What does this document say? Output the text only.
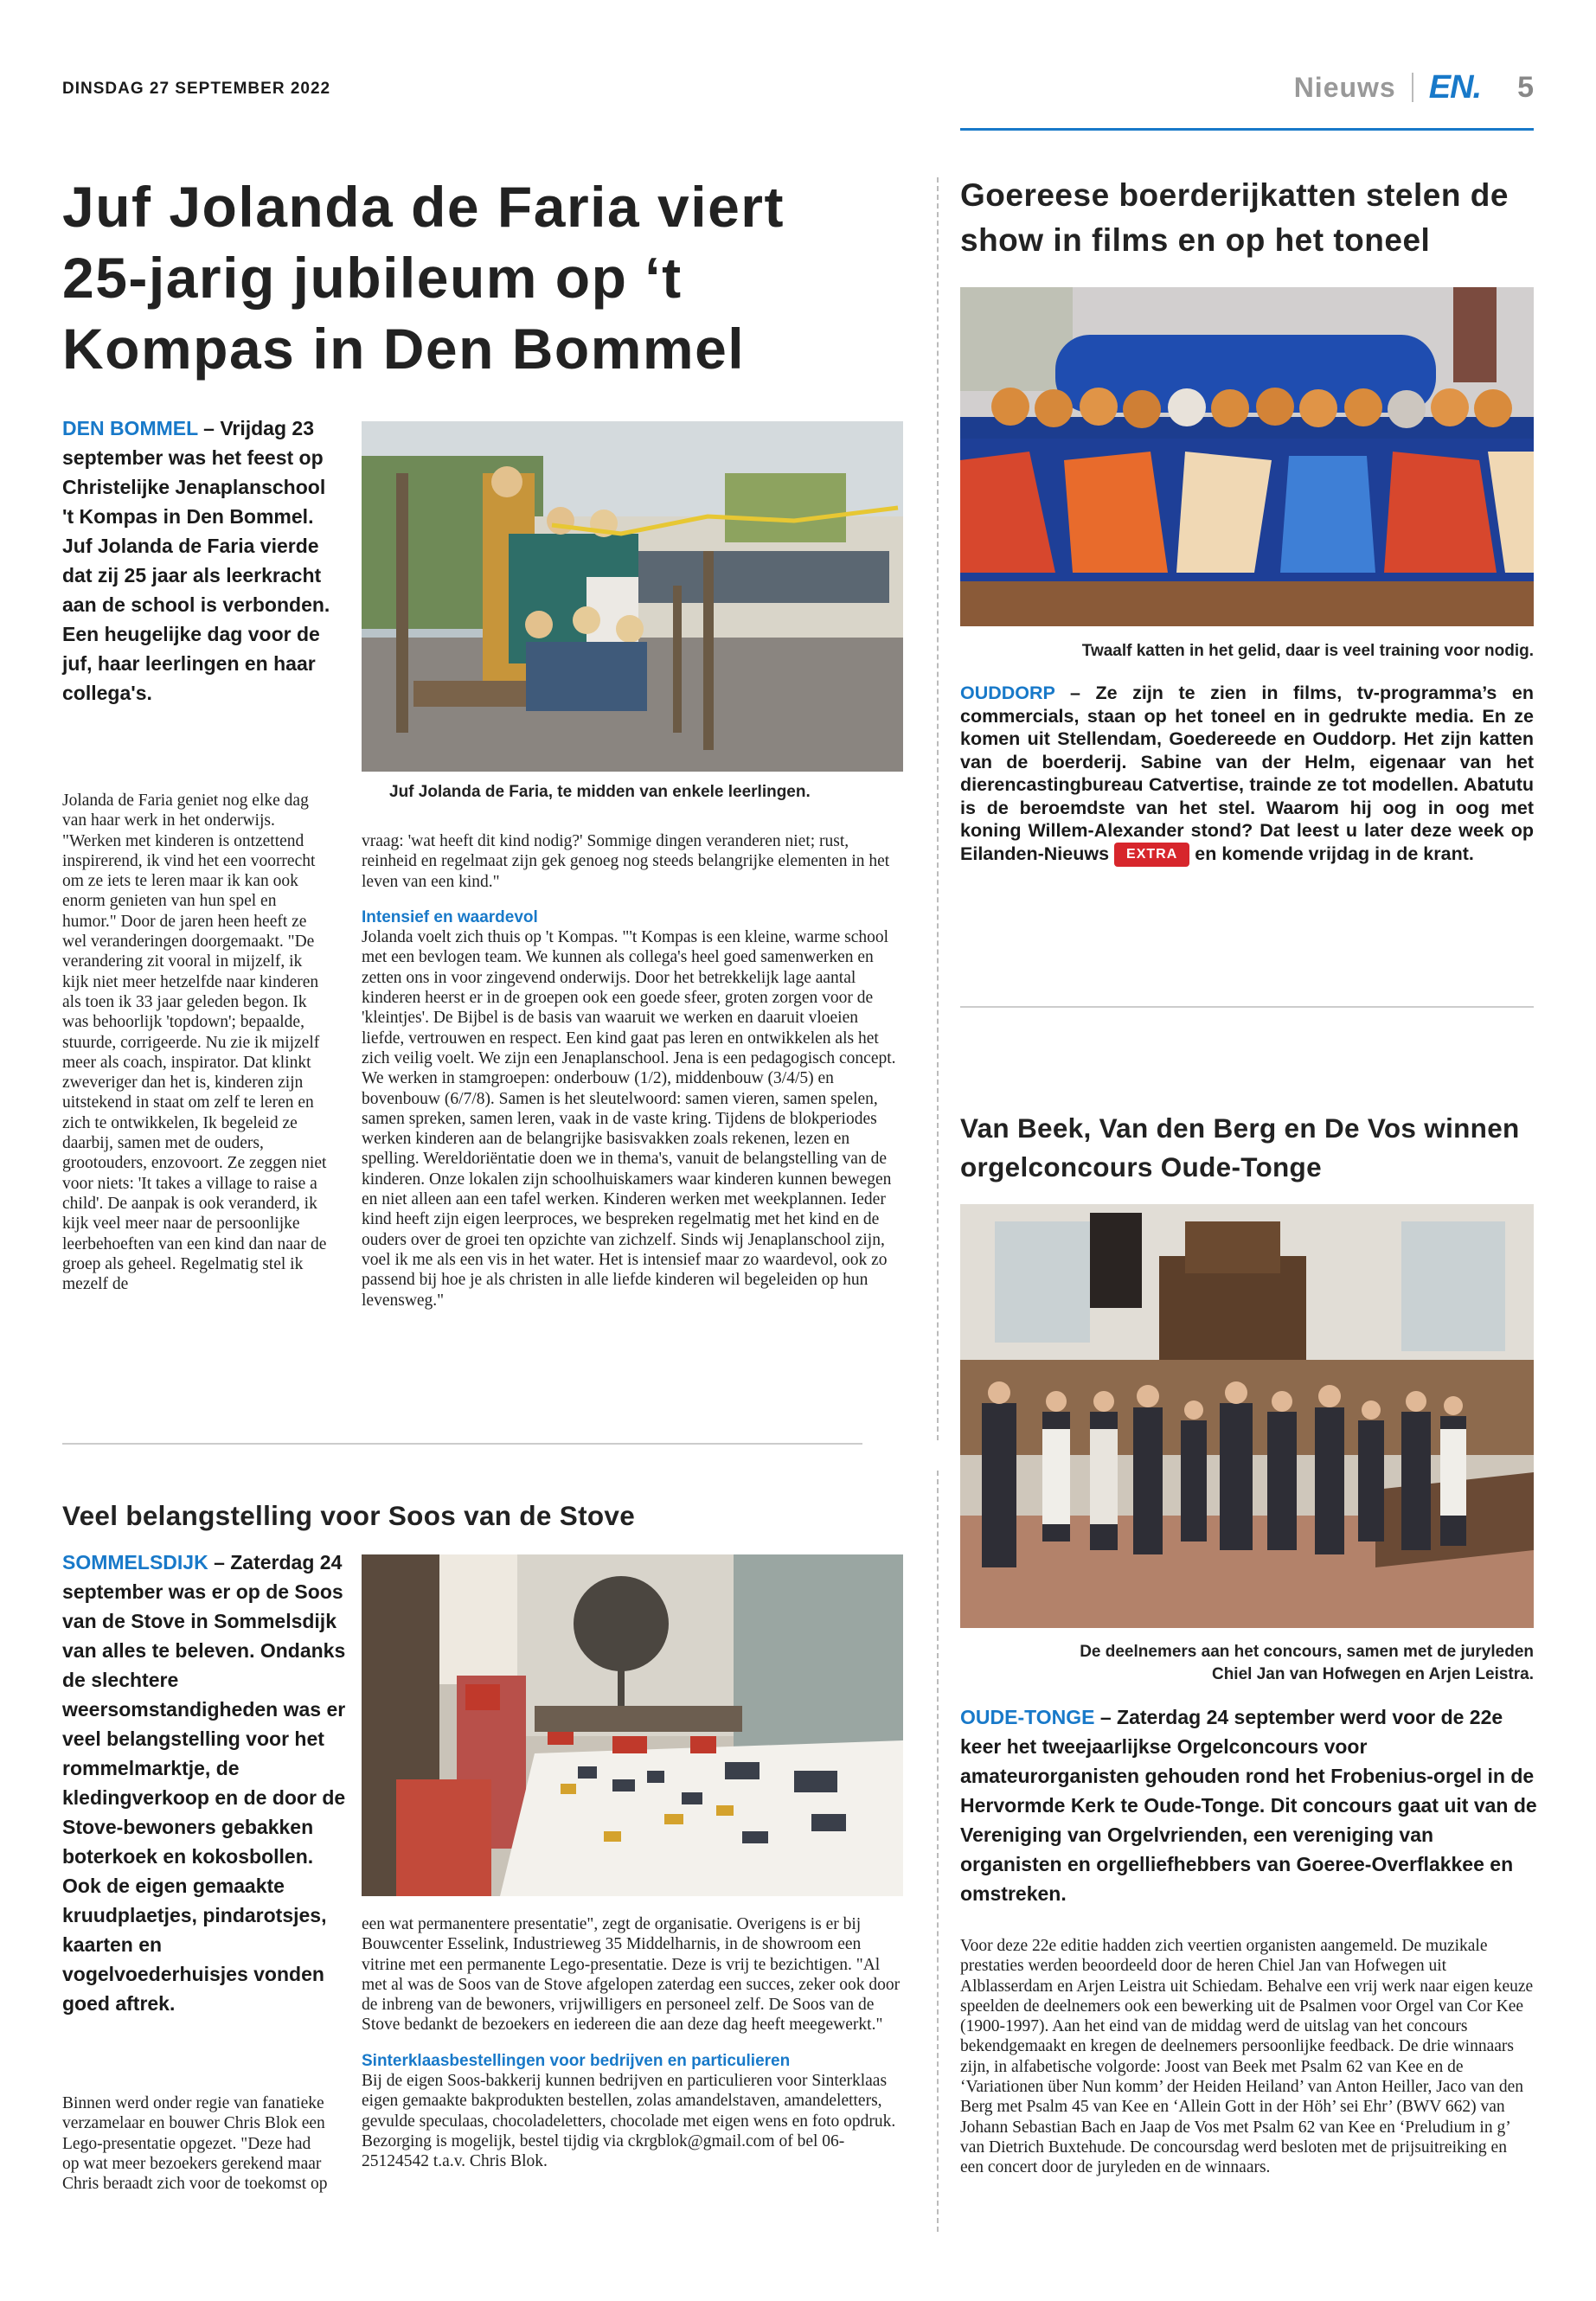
DINSDAG 27 SEPTEMBER 2022	Nieuws EN. 5
Juf Jolanda de Faria viert 25-jarig jubileum op ‘t Kompas in Den Bommel
DEN BOMMEL – Vrijdag 23 september was het feest op Christelijke Jenaplanschool 't Kompas in Den Bommel. Juf Jolanda de Faria vierde dat zij 25 jaar als leerkracht aan de school is verbonden. Een heugelijke dag voor de juf, haar leerlingen en haar collega's.
Juf Jolanda de Faria, te midden van enkele leerlingen.
Jolanda de Faria geniet nog elke dag van haar werk in het onderwijs. "Werken met kinderen is ontzettend inspirerend, ik vind het een voorrecht om ze iets te leren maar ik kan ook enorm genieten van hun spel en humor." Door de jaren heen heeft ze wel veranderingen doorgemaakt. "De verandering zit vooral in mijzelf, ik kijk niet meer hetzelfde naar kinderen als toen ik 33 jaar geleden begon. Ik was behoorlijk 'topdown'; bepaalde, stuurde, corrigeerde. Nu zie ik mijzelf meer als coach, inspirator. Dat klinkt zweveriger dan het is, kinderen zijn uitstekend in staat om zelf te leren en zich te ontwikkelen, Ik begeleid ze daarbij, samen met de ouders, grootouders, enzovoort. Ze zeggen niet voor niets: 'It takes a village to raise a child'. De aanpak is ook veranderd, ik kijk veel meer naar de persoonlijke leerbehoeften van een kind dan naar de groep als geheel. Regelmatig stel ik mezelf de
vraag: 'wat heeft dit kind nodig?' Sommige dingen veranderen niet; rust, reinheid en regelmaat zijn gek genoeg nog steeds belangrijke elementen in het leven van een kind."
Intensief en waardevol
Jolanda voelt zich thuis op 't Kompas. "'t Kompas is een kleine, warme school met een bevlogen team. We kunnen als collega's heel goed samenwerken en zetten ons in voor zingevend onderwijs. Door het betrekkelijk lage aantal kinderen heerst er in de groepen ook een goede sfeer, groten zorgen voor de 'kleintjes'. De Bijbel is de basis van waaruit we werken en daaruit vloeien liefde, vertrouwen en respect. Een kind gaat pas leren en ontwikkelen als het zich veilig voelt. We zijn een Jenaplanschool. Jena is een pedagogisch concept. We werken in stamgroepen: onderbouw (1/2), middenbouw (3/4/5) en bovenbouw (6/7/8). Samen is het sleutelwoord: samen vieren, samen spelen, samen spreken, samen leren, vaak in de vaste kring. Tijdens de blokperiodes werken kinderen aan de belangrijke basisvakken zoals rekenen, lezen en spelling. Wereldoriëntatie doen we in thema's, vanuit de belangstelling van de kinderen. Onze lokalen zijn schoolhuiskamers waar kinderen kunnen bewegen en niet alleen aan een tafel werken. Kinderen werken met weekplannen. Ieder kind heeft zijn eigen leerproces, we bespreken regelmatig met het kind en de ouders over de groei ten opzichte van zichzelf. Sinds wij Jenaplanschool zijn, voel ik me als een vis in het water. Het is intensief maar zo waardevol, ook zo passend bij hoe je als christen in alle liefde kinderen wil begeleiden op hun levensweg."
Goereese boerderijkatten stelen de show in films en op het toneel
Twaalf katten in het gelid, daar is veel training voor nodig.
OUDDORP – Ze zijn te zien in films, tv-programma’s en commercials, staan op het toneel en in gedrukte media. En ze komen uit Stellendam, Goedereede en Ouddorp. Het zijn katten van de boerderij. Sabine van der Helm, eigenaar van het dierencastingbureau Catvertise, trainde ze tot modellen. Abatutu is de beroemdste van het stel. Waarom hij oog in oog met koning Willem-Alexander stond? Dat leest u later deze week op Eilanden-Nieuws EXTRA en komende vrijdag in de krant.
Van Beek, Van den Berg en De Vos winnen orgelconcours Oude-Tonge
De deelnemers aan het concours, samen met de juryleden
Chiel Jan van Hofwegen en Arjen Leistra.
OUDE-TONGE – Zaterdag 24 september werd voor de 22e keer het tweejaarlijkse Orgelconcours voor amateurorganisten gehouden rond het Frobenius-orgel in de Hervormde Kerk te Oude-Tonge. Dit concours gaat uit van de Vereniging van Orgelvrienden, een vereniging van organisten en orgelliefhebbers van Goeree-Overflakkee en omstreken.
Voor deze 22e editie hadden zich veertien organisten aangemeld. De muzikale prestaties werden beoordeeld door de heren Chiel Jan van Hofwegen uit Alblasserdam en Arjen Leistra uit Schiedam. Behalve een vrij werk naar eigen keuze speelden de deelnemers ook een bewerking uit de Psalmen voor Orgel van Cor Kee (1900-1997). Aan het eind van de middag werd de uitslag van het concours bekendgemaakt en kregen de deelnemers persoonlijke feedback. De drie winnaars zijn, in alfabetische volgorde: Joost van Beek met Psalm 62 van Kee en de ‘Variationen über Nun komm’ der Heiden Heiland’ van Anton Heiller, Jaco van den Berg met Psalm 45 van Kee en ‘Allein Gott in der Höh’ sei Ehr’ (BWV 662) van Johann Sebastian Bach en Jaap de Vos met Psalm 62 van Kee en ‘Preludium in g’ van Dietrich Buxtehude. De concoursdag werd besloten met de prijsuitreiking en een concert door de juryleden en de winnaars.
Veel belangstelling voor Soos van de Stove
SOMMELSDIJK – Zaterdag 24 september was er op de Soos van de Stove in Sommelsdijk van alles te beleven. Ondanks de slechtere weersomstandigheden was er veel belangstelling voor het rommelmarktje, de kledingverkoop en de door de Stove-bewoners gebakken boterkoek en kokosbollen. Ook de eigen gemaakte kruudplaetjes, pindarotsjes, kaarten en vogelvoederhuisjes vonden goed aftrek.
Binnen werd onder regie van fanatieke verzamelaar en bouwer Chris Blok een Lego-presentatie opgezet. "Deze had op wat meer bezoekers gerekend maar Chris beraadt zich voor de toekomst op
een wat permanentere presentatie", zegt de organisatie. Overigens is er bij Bouwcenter Esselink, Industrieweg 35 Middelharnis, in de showroom een vitrine met een permanente Lego-presentatie. Deze is vrij te bezichtigen. "Al met al was de Soos van de Stove afgelopen zaterdag een succes, zeker ook door de inbreng van de bewoners, vrijwilligers en personeel zelf. De Soos van de Stove bedankt de bezoekers en iedereen die aan deze dag heeft meegewerkt."
Sinterklaasbestellingen voor bedrijven en particulieren
Bij de eigen Soos-bakkerij kunnen bedrijven en particulieren voor Sinterklaas eigen gemaakte bakprodukten bestellen, zolas amandelstaven, amandeletters, gevulde speculaas, chocoladeletters, chocolade met eigen wens en foto opdruk. Bezorging is mogelijk, bestel tijdig via ckrgblok@gmail.com of bel 06-25124542 t.a.v. Chris Blok.
